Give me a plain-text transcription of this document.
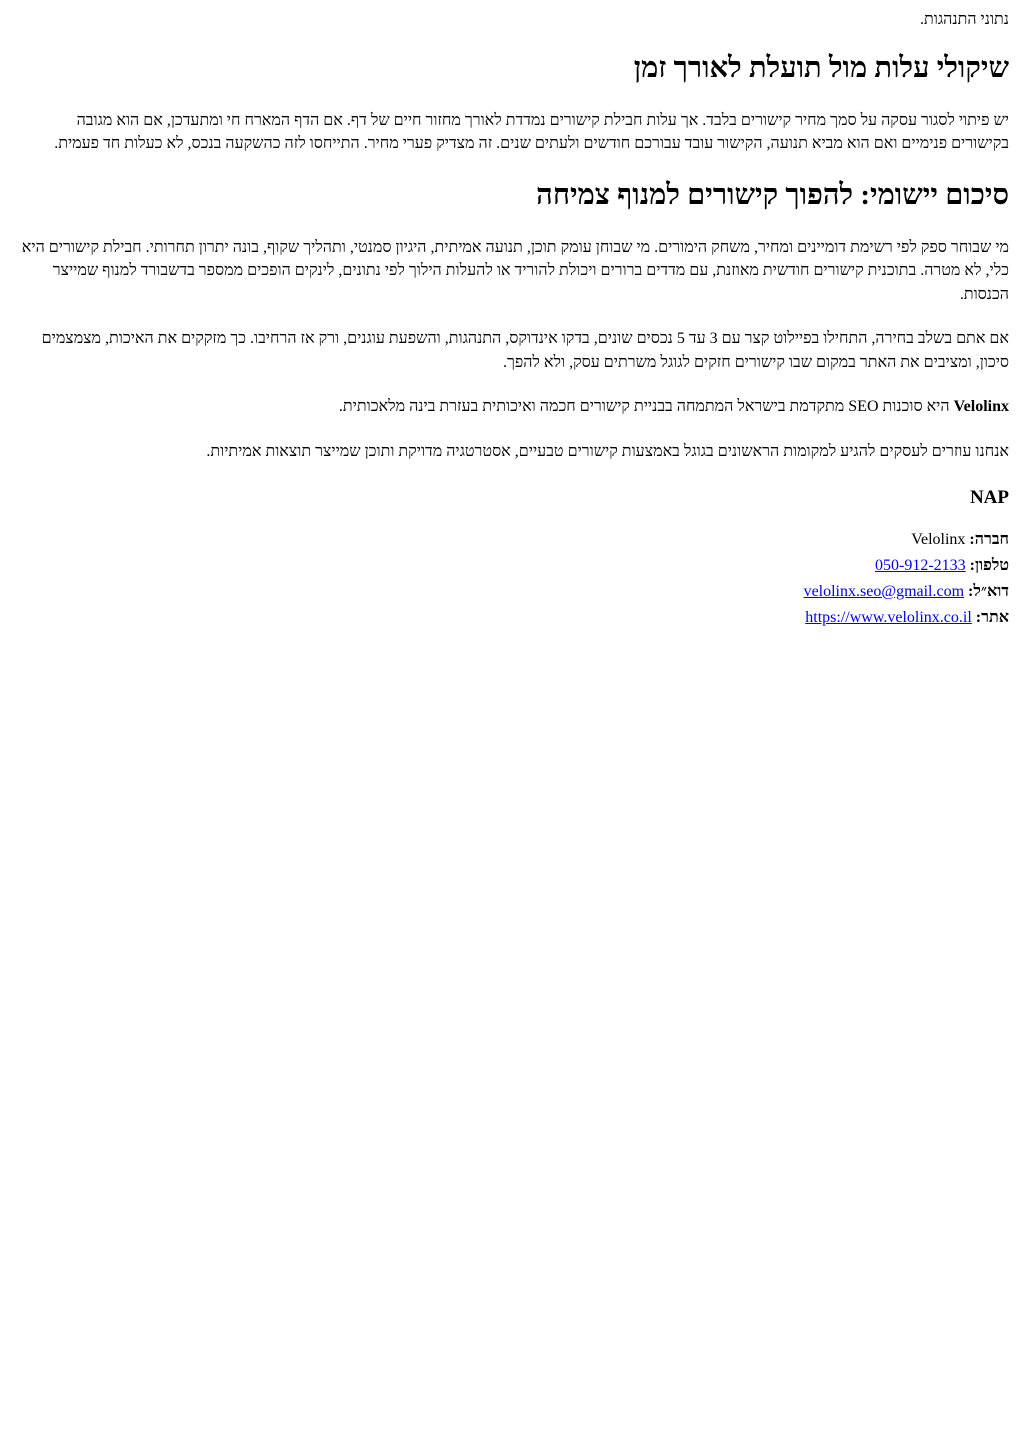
נתוני התנהגות.

שיקולי עלות מול תועלת לאורך זמן

יש פיתוי לסגור עסקה על סמך מחיר קישורים בלבד. אך עלות חבילת קישורים נמדדת לאורך מחזור חיים של דף. אם הדף המארח חי ומתעדכן, אם הוא מגובה בקישורים פנימיים ואם הוא מביא תנועה, הקישור עובד עבורכם חודשים ולעתים שנים. זה מצדיק פערי מחיר. התייחסו לזה כהשקעה בנכס, לא כעלות חד פעמית.

סיכום יישומי: להפוך קישורים למנוף צמיחה

מי שבוחר ספק לפי רשימת דומיינים ומחיר, משחק הימורים. מי שבוחן עומק תוכן, תנועה אמיתית, היגיון סמנטי, ותהליך שקוף, בונה יתרון תחרותי. חבילת קישורים היא כלי, לא מטרה. בתוכנית קישורים חודשית מאוזנת, עם מדדים ברורים ויכולת להוריד או להעלות הילוך לפי נתונים, לינקים הופכים ממספר בדשבורד למנוף שמייצר הכנסות.

אם אתם בשלב בחירה, התחילו בפיילוט קצר עם 3 עד 5 נכסים שונים, בדקו אינדוקס, התנהגות, והשפעת עוגנים, ורק אז הרחיבו. כך מזקקים את האיכות, מצמצמים סיכון, ומציבים את האתר במקום שבו קישורים חזקים לגוגל משרתים עסק, ולא להפך.

Velolinx היא סוכנות SEO מתקדמת בישראל המתמחה בבניית קישורים חכמה ואיכותית בעזרת בינה מלאכותית.

אנחנו עוזרים לעסקים להגיע למקומות הראשונים בגוגל באמצעות קישורים טבעיים, אסטרטגיה מדויקת ותוכן שמייצר תוצאות אמיתיות.

NAP

חברה: Velolinx
טלפון: 050-912-2133
דוא״ל: velolinx.seo@gmail.com
אתר: https://www.velolinx.co.il
